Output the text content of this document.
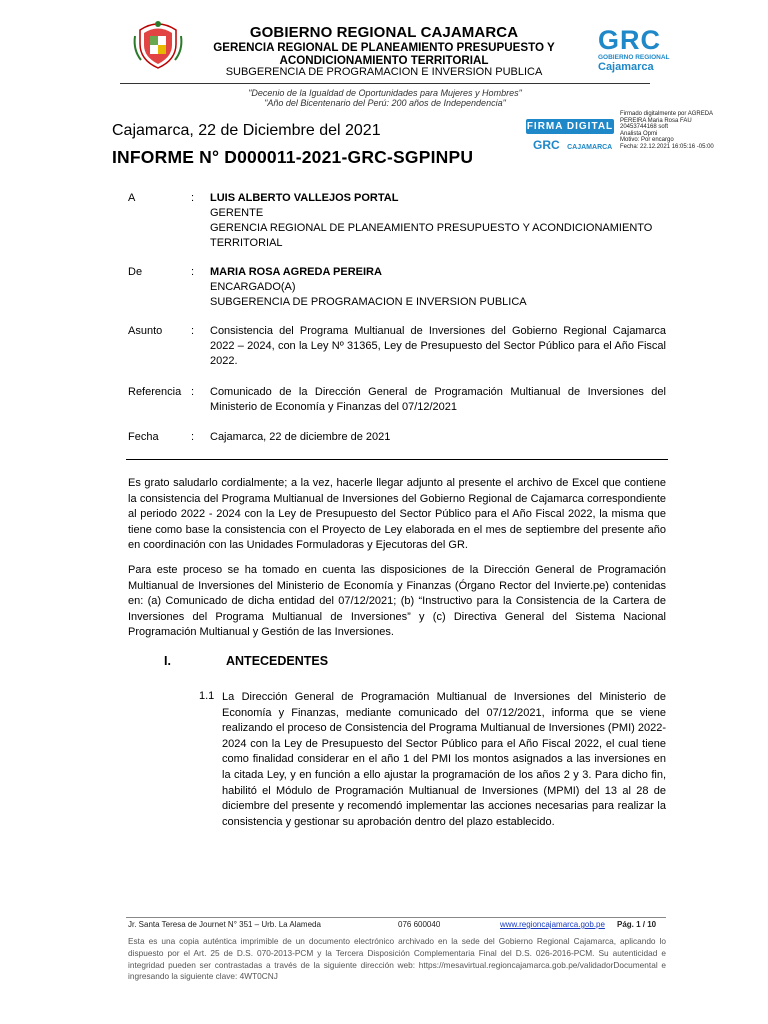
GOBIERNO REGIONAL CAJAMARCA
GERENCIA REGIONAL DE PLANEAMIENTO PRESUPUESTO Y
ACONDICIONAMIENTO TERRITORIAL
SUBGERENCIA DE PROGRAMACION E INVERSION PUBLICA
GRC
GOBIERNO REGIONAL
Cajamarca
"Decenio de la Igualdad de Oportunidades para Mujeres y Hombres"
"Año del Bicentenario del Perú: 200 años de Independencia"
Cajamarca, 22 de Diciembre del 2021
INFORME N° D000011-2021-GRC-SGPINPU
FIRMA DIGITAL
GRC CAJAMARCA
Firmado digitalmente por AGREDA
PEREIRA Maria Rosa FAU
20453744168 soft
Analista Opmi
Motivo: Por encargo
Fecha: 22.12.2021 16:05:16 -05:00
A	: LUIS ALBERTO VALLEJOS PORTAL
GERENTE
GERENCIA REGIONAL DE PLANEAMIENTO PRESUPUESTO Y ACONDICIONAMIENTO TERRITORIAL
De	: MARIA ROSA AGREDA PEREIRA
ENCARGADO(A)
SUBGERENCIA DE PROGRAMACION E INVERSION PUBLICA
Asunto	: Consistencia del Programa Multianual de Inversiones del Gobierno Regional Cajamarca 2022 – 2024, con la Ley Nº 31365, Ley de Presupuesto del Sector Público para el Año Fiscal 2022.
Referencia : Comunicado de la Dirección General de Programación Multianual de Inversiones del Ministerio de Economía y Finanzas del 07/12/2021
Fecha	: Cajamarca, 22 de diciembre de 2021
Es grato saludarlo cordialmente; a la vez, hacerle llegar adjunto al presente el archivo de Excel que contiene la consistencia del Programa Multianual de Inversiones del Gobierno Regional de Cajamarca correspondiente al periodo 2022 - 2024 con la Ley de Presupuesto del Sector Público para el Año Fiscal 2022, la misma que tiene como base la consistencia con el Proyecto de Ley elaborada en el mes de septiembre del presente año en coordinación con las Unidades Formuladoras y Ejecutoras del GR.
Para este proceso se ha tomado en cuenta las disposiciones de la Dirección General de Programación Multianual de Inversiones del Ministerio de Economía y Finanzas (Órgano Rector del Invierte.pe) contenidas en: (a) Comunicado de dicha entidad del 07/12/2021; (b) “Instructivo para la Consistencia de la Cartera de Inversiones del Programa Multianual de Inversiones” y (c) Directiva General del Sistema Nacional Programación Multianual y Gestión de las Inversiones.
I.	ANTECEDENTES
1.1 La Dirección General de Programación Multianual de Inversiones del Ministerio de Economía y Finanzas, mediante comunicado del 07/12/2021, informa que se viene realizando el proceso de Consistencia del Programa Multianual de Inversiones (PMI) 2022-2024 con la Ley de Presupuesto del Sector Público para el Año Fiscal 2022, el cual tiene como finalidad considerar en el año 1 del PMI los montos asignados a las inversiones en la citada Ley, y en función a ello ajustar la programación de los años 2 y 3. Para dicho fin, habilitó el Módulo de Programación Multianual de Inversiones (MPMI) del 13 al 28 de diciembre del presente y recomendó implementar las acciones necesarias para realizar la consistencia y gestionar su aprobación dentro del plazo establecido.
Jr. Santa Teresa de Journet N° 351 – Urb. La Alameda	076 600040	www.regioncajamarca.gob.pe Pág. 1 / 10
Esta es una copia auténtica imprimible de un documento electrónico archivado en la sede del Gobierno Regional Cajamarca, aplicando lo dispuesto por el Art. 25 de D.S. 070-2013-PCM y la Tercera Disposición Complementaria Final del D.S. 026-2016-PCM. Su autenticidad e integridad pueden ser contrastadas a través de la siguiente dirección web: https://mesavirtual.regioncajamarca.gob.pe/validadorDocumental e ingresando la siguiente clave: 4WT0CNJ
